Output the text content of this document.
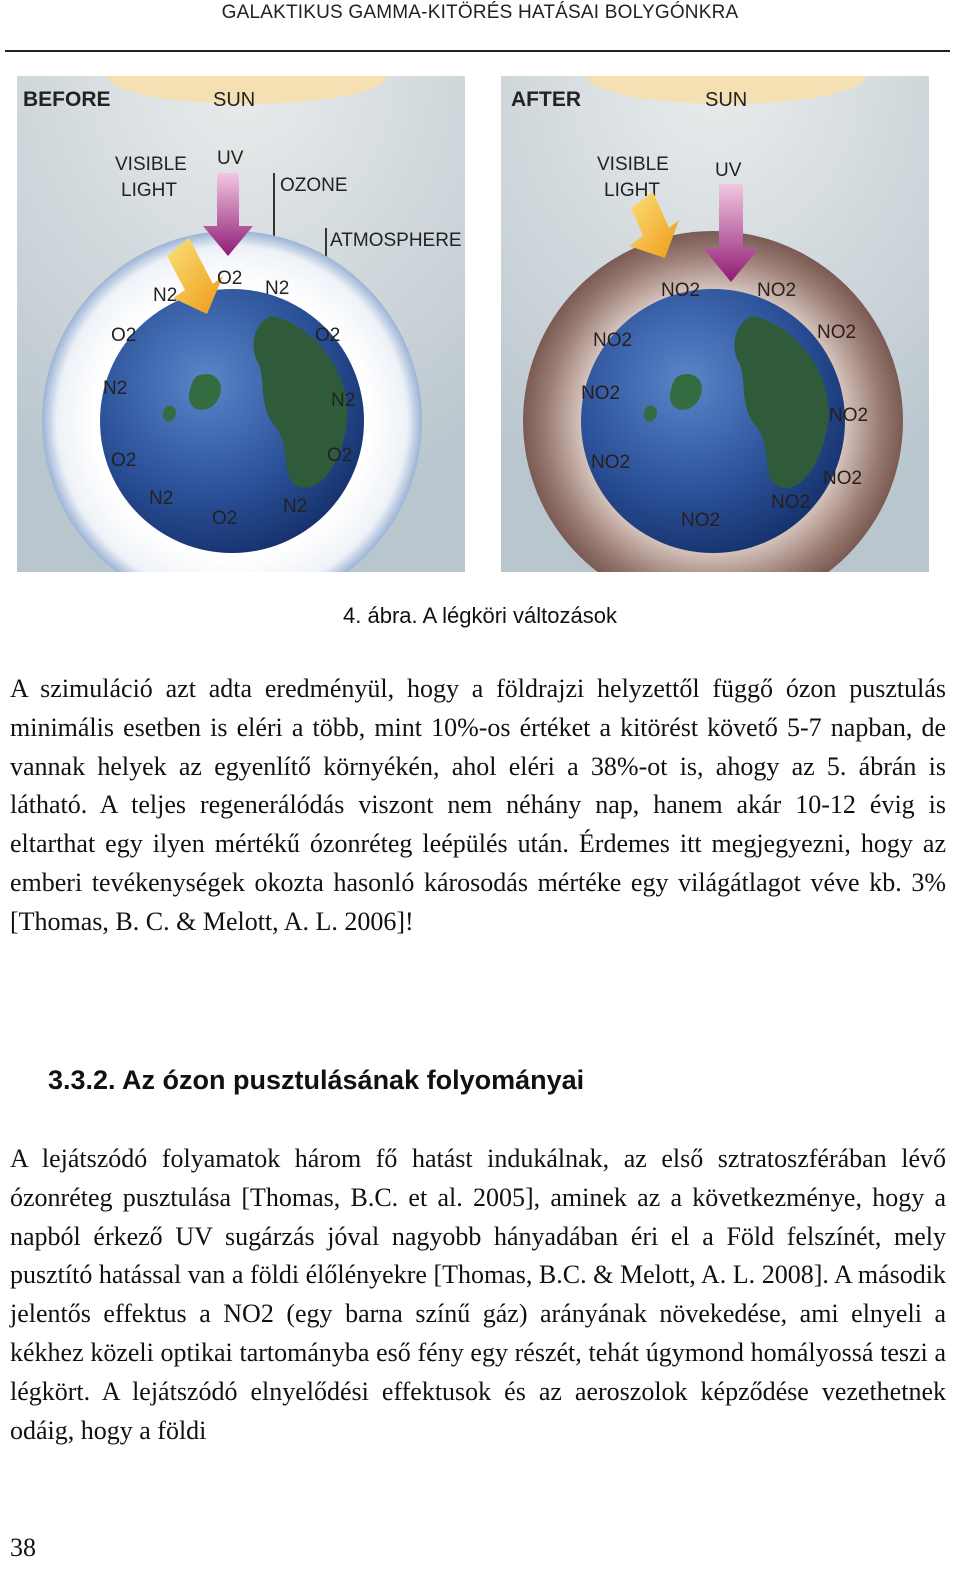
GALAKTIKUS GAMMA-KITÖRÉS HATÁSAI BOLYGÓNKRA
BEFORE	SUN
VISIBLE
LIGHT
UV
OZONE
ATMOSPHERE
N2
O2 N2
O2	O2
N2
N2
O2	O2
N2
O2
N2
AFTER	SUN
VISIBLE
LIGHT
UV
NO2	NO2
NO2	NO2
NO2
NO2
NO2
NO2
NO2
NO2
4. ábra. A légköri változások

A szimuláció azt adta eredményül, hogy a földrajzi helyzettől függő ózon pusztulás minimális esetben is eléri a több, mint 10%-os értéket a kitörést követő 5-7 napban, de vannak helyek az egyenlítő környékén, ahol eléri a 38%-ot is, ahogy az 5. ábrán is látható. A teljes regenerálódás viszont nem néhány nap, hanem akár 10-12 évig is eltarthat egy ilyen mértékű ózonréteg leépülés után. Érdemes itt megjegyezni, hogy az emberi tevékenységek okozta hasonló károsodás mértéke egy világátlagot véve kb. 3% [Thomas, B. C. & Melott, A. L. 2006]!

3.3.2. Az ózon pusztulásának folyományai

A lejátszódó folyamatok három fő hatást indukálnak, az első sztratoszférában lévő ózonréteg pusztulása [Thomas, B.C. et al. 2005], aminek az a következménye, hogy a napból érkező UV sugárzás jóval nagyobb hányadában éri el a Föld felszínét, mely pusztító hatással van a földi élőlényekre [Thomas, B.C. & Melott, A. L. 2008]. A második jelentős effektus a NO2 (egy barna színű gáz) arányának növekedése, ami elnyeli a kékhez közeli optikai tartományba eső fény egy részét, tehát úgymond homályossá teszi a légkört. A lejátszódó elnyelődési effektusok és az aeroszolok képződése vezethetnek odáig, hogy a földi

38
